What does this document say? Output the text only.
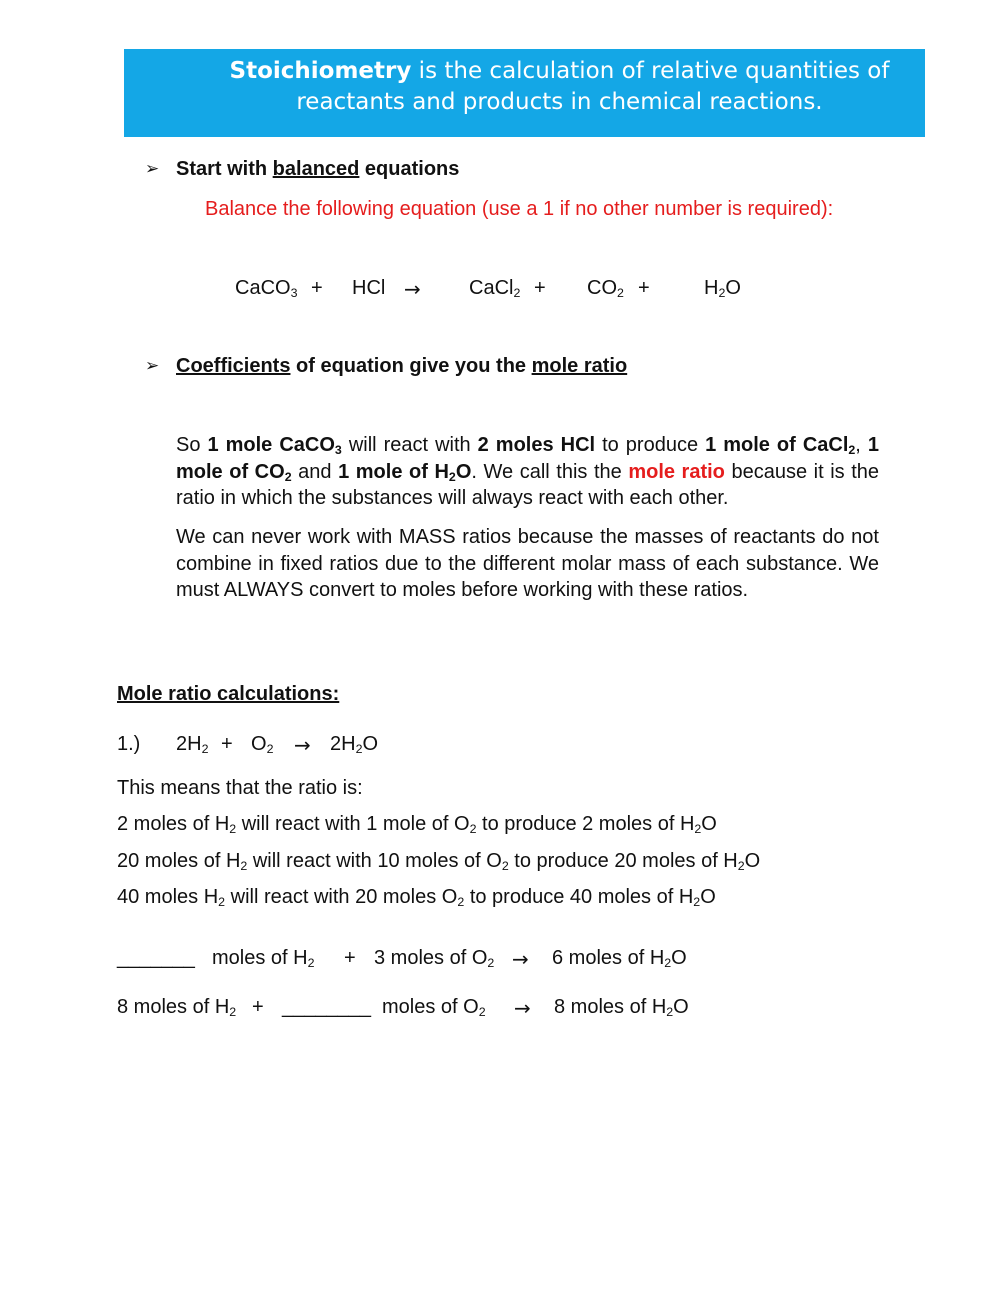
Stoichiometry is the calculation of relative quantities of reactants and products in chemical reactions.
➢ Start with balanced equations
Balance the following equation (use a 1 if no other number is required):
CaCO$_3$ + HCl → CaCl$_2$ + $CO_2$ +	$H_2O$
➢ Coefficients of equation give you the mole ratio
So 1 mole CaCO$_3$ will react with 2 moles HCl to produce 1 mole of CaCl$_2$, 1 mole of $CO_2$ and 1 mole of $H_2O$. We call this the mole ratio because it is the ratio in which the substances will always react with each other.
We can never work with MASS ratios because the masses of reactants do not combine in fixed ratios due to the different molar mass of each substance. We must ALWAYS convert to moles before working with these ratios.
Mole ratio calculations:
1.) $2H_2 + O_2 \to 2H_2O$
This means that the ratio is:
2 moles of $H_2$ will react with 1 mole of $O_2$ to produce 2 moles of $H_2O$
20 moles of $H_2$ will react with 10 moles of $O_2$ to produce 20 moles of $H_2O$
40 moles $H_2$ will react with 20 moles $O_2$ to produce 40 moles of $H_2O$
_______ moles of $H_2 + 3$ moles of $O_2 \to 6$ moles of $H_2O$
8 moles of $H_2$ + ________ moles of $O_2 \to 8$ moles of $H_2O$
